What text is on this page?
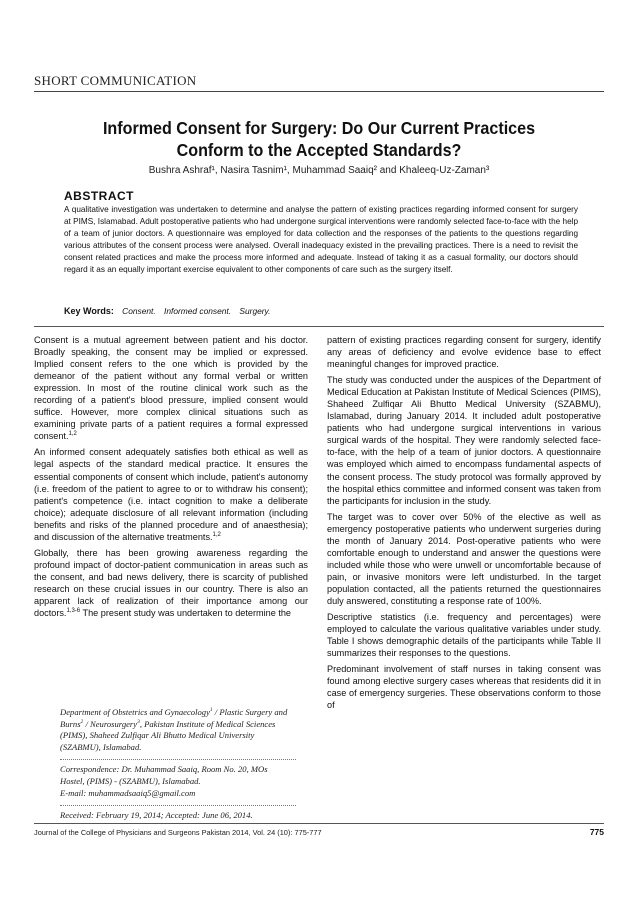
SHORT COMMUNICATION
Informed Consent for Surgery: Do Our Current Practices
Conform to the Accepted Standards?
Bushra Ashraf¹, Nasira Tasnim¹, Muhammad Saaiq² and Khaleeq-Uz-Zaman³
ABSTRACT
A qualitative investigation was undertaken to determine and analyse the pattern of existing practices regarding informed consent for surgery at PIMS, Islamabad. Adult postoperative patients who had undergone surgical interventions were randomly selected face-to-face with the help of a team of junior doctors. A questionnaire was employed for data collection and the responses of the patients to the questions regarding various attributes of the consent process were analysed. Overall inadequacy existed in the prevailing practices. There is a need to revisit the consent related practices and make the process more informed and adequate. Instead of taking it as a casual formality, our doctors should regard it as an equally important exercise equivalent to other components of care such as the surgery itself.
Key Words: Consent. Informed consent. Surgery.

Consent is a mutual agreement between patient and his doctor. Broadly speaking, the consent may be implied or expressed. Implied consent refers to the one which is provided by the demeanor of the patient without any formal verbal or written expression. In most of the routine clinical work such as the recording of a patient's blood pressure, implied consent would suffice. However, more complex clinical situations such as examining private parts of a patient requires a formal expressed consent.$^{1,2}$

An informed consent adequately satisfies both ethical as well as legal aspects of the standard medical practice. It ensures the essential components of consent which include, patient's autonomy (i.e. freedom of the patient to agree to or to withdraw his consent); patient's competence (i.e. intact cognition to make a deliberate choice); adequate disclosure of all relevant information (including benefits and risks of the planned procedure and of anaesthesia); and discussion of the alternative treatments.$^{1,2}$

Globally, there has been growing awareness regarding the profound impact of doctor-patient communication in areas such as the consent, and bad news delivery, there is scarcity of published research on these crucial issues in our country. There is also an apparent lack of realization of their importance among our doctors.$^{1,3-6}$ The present study was undertaken to determine the

Department of Obstetrics and Gynaecology$^1$ / Plastic Surgery and Burns$^2$ / Neurosurgery$^3$, Pakistan Institute of Medical Sciences (PIMS), Shaheed Zulfiqar Ali Bhutto Medical University (SZABMU), Islamabad.
Correspondence: Dr. Muhammad Saaiq, Room No. 20, MOs
Hostel, (PIMS) - (SZABMU), Islamabad.
E-mail: muhammadsaaiq5@gmail.com
Received: February 19, 2014; Accepted: June 06, 2014.

pattern of existing practices regarding consent for surgery, identify any areas of deficiency and evolve evidence base to effect meaningful changes for improved practice.

The study was conducted under the auspices of the Department of Medical Education at Pakistan Institute of Medical Sciences (PIMS), Shaheed Zulfiqar Ali Bhutto Medical University (SZABMU), Islamabad, during January 2014. It included adult postoperative patients who had undergone surgical interventions in various surgical wards of the hospital. They were randomly selected face-to-face, with the help of a team of junior doctors. A questionnaire was employed which aimed to encompass fundamental aspects of the consent process. The study protocol was formally approved by the hospital ethics committee and informed consent was taken from the participants for inclusion in the study.

The target was to cover over 50% of the elective as well as emergency postoperative patients who underwent surgeries during the month of January 2014. Post-operative patients who were comfortable enough to understand and answer the questions were included while those who were unwell or uncomfortable because of pain, or invasive monitors were left undisturbed. In the target population contacted, all the patients returned the questionnaires duly answered, constituting a response rate of 100%.

Descriptive statistics (i.e. frequency and percentages) were employed to calculate the various qualitative variables under study. Table I shows demographic details of the participants while Table II summarizes their responses to the questions.

Predominant involvement of staff nurses in taking consent was found among elective surgery cases whereas that residents did it in case of emergency surgeries. These observations conform to those of

Journal of the College of Physicians and Surgeons Pakistan 2014, Vol. 24 (10): 775-777	775
